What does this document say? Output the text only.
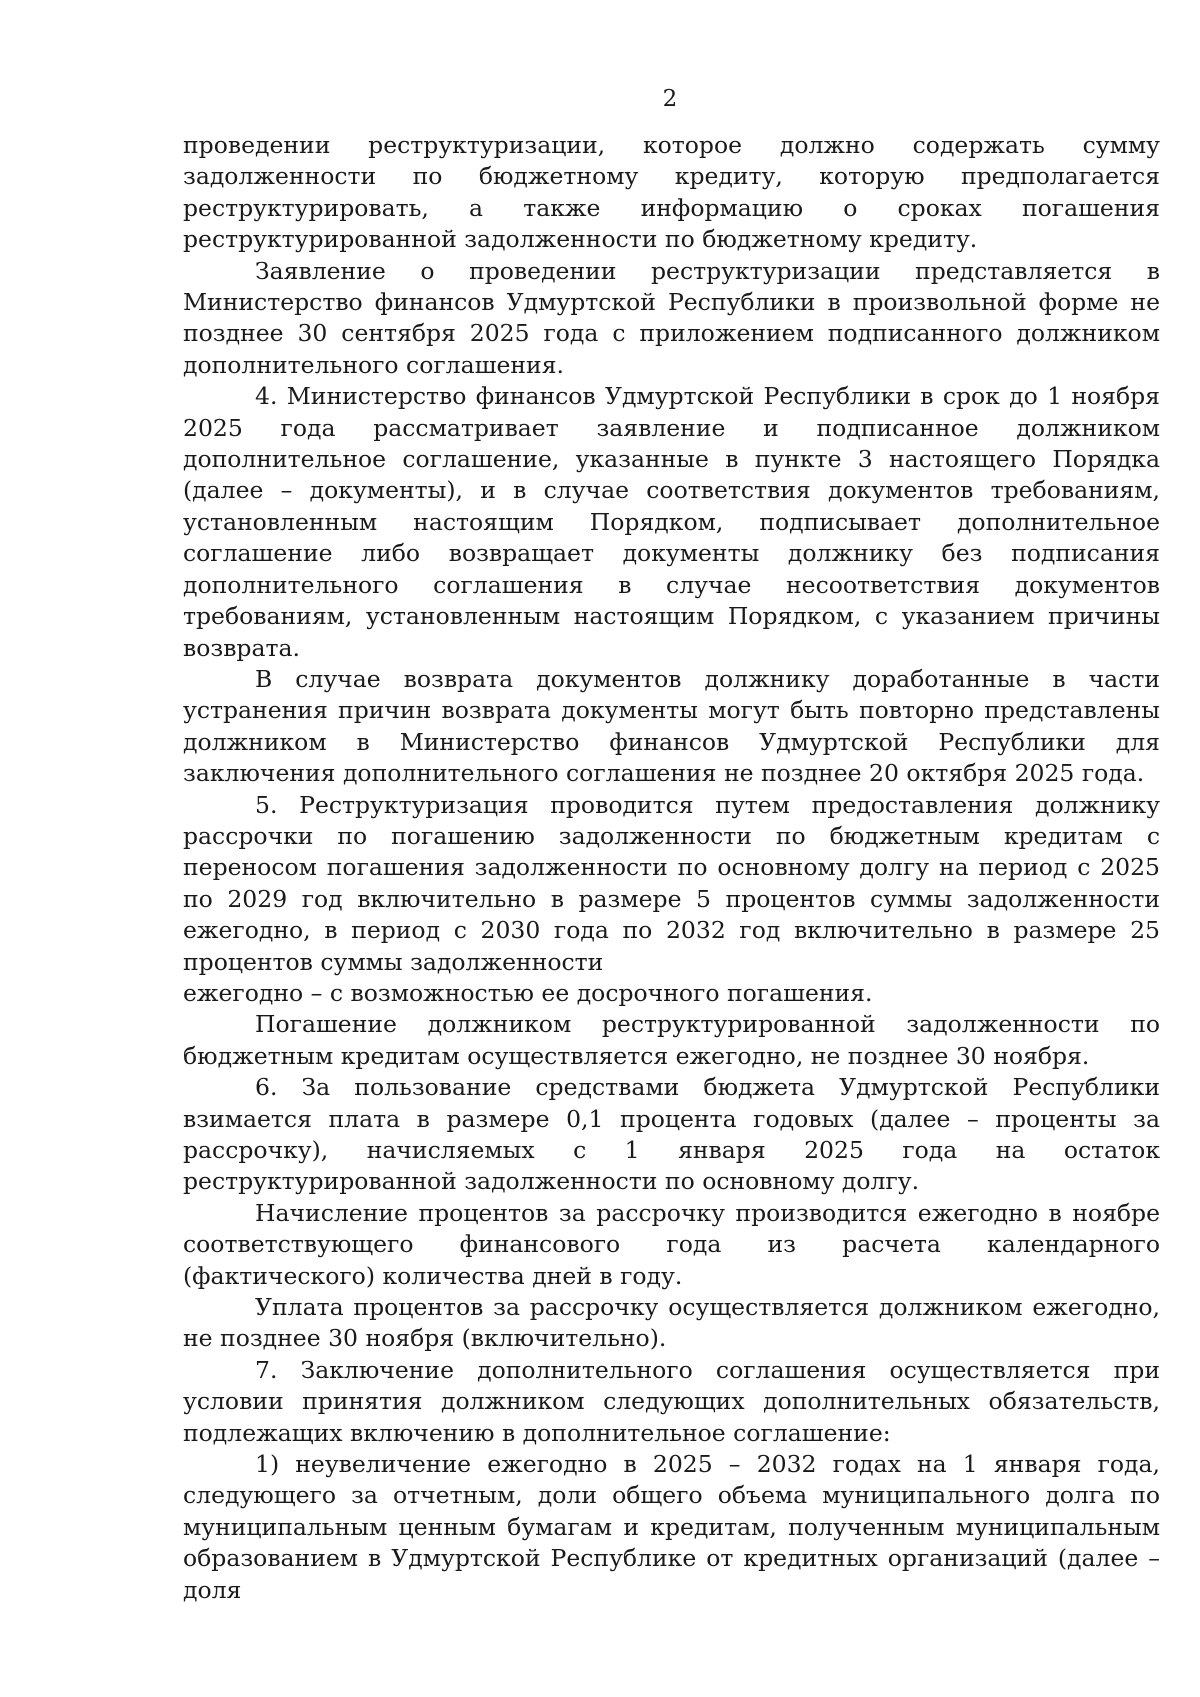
2

проведении реструктуризации, которое должно содержать сумму задолженности по бюджетному кредиту, которую предполагается реструктурировать, а также информацию о сроках погашения реструктурированной задолженности по бюджетному кредиту.

Заявление о проведении реструктуризации представляется в Министерство финансов Удмуртской Республики в произвольной форме не позднее 30 сентября 2025 года с приложением подписанного должником дополнительного соглашения.

4. Министерство финансов Удмуртской Республики в срок до 1 ноября 2025 года рассматривает заявление и подписанное должником дополнительное соглашение, указанные в пункте 3 настоящего Порядка (далее – документы), и в случае соответствия документов требованиям, установленным настоящим Порядком, подписывает дополнительное соглашение либо возвращает документы должнику без подписания дополнительного соглашения в случае несоответствия документов требованиям, установленным настоящим Порядком, с указанием причины возврата.

В случае возврата документов должнику доработанные в части устранения причин возврата документы могут быть повторно представлены должником в Министерство финансов Удмуртской Республики для заключения дополнительного соглашения не позднее 20 октября 2025 года.

5. Реструктуризация проводится путем предоставления должнику рассрочки по погашению задолженности по бюджетным кредитам с переносом погашения задолженности по основному долгу на период с 2025 по 2029 год включительно в размере 5 процентов суммы задолженности ежегодно, в период с 2030 года по 2032 год включительно в размере 25 процентов суммы задолженности

ежегодно – с возможностью ее досрочного погашения.

Погашение должником реструктурированной задолженности по бюджетным кредитам осуществляется ежегодно, не позднее 30 ноября.

6. За пользование средствами бюджета Удмуртской Республики взимается плата в размере 0,1 процента годовых (далее – проценты за рассрочку), начисляемых с 1 января 2025 года на остаток реструктурированной задолженности по основному долгу.

Начисление процентов за рассрочку производится ежегодно в ноябре соответствующего финансового года из расчета календарного (фактического) количества дней в году.

Уплата процентов за рассрочку осуществляется должником ежегодно, не позднее 30 ноября (включительно).

7. Заключение дополнительного соглашения осуществляется при условии принятия должником следующих дополнительных обязательств, подлежащих включению в дополнительное соглашение:

1) неувеличение ежегодно в 2025 – 2032 годах на 1 января года, следующего за отчетным, доли общего объема муниципального долга по муниципальным ценным бумагам и кредитам, полученным муниципальным образованием в Удмуртской Республике от кредитных организаций (далее – доля
